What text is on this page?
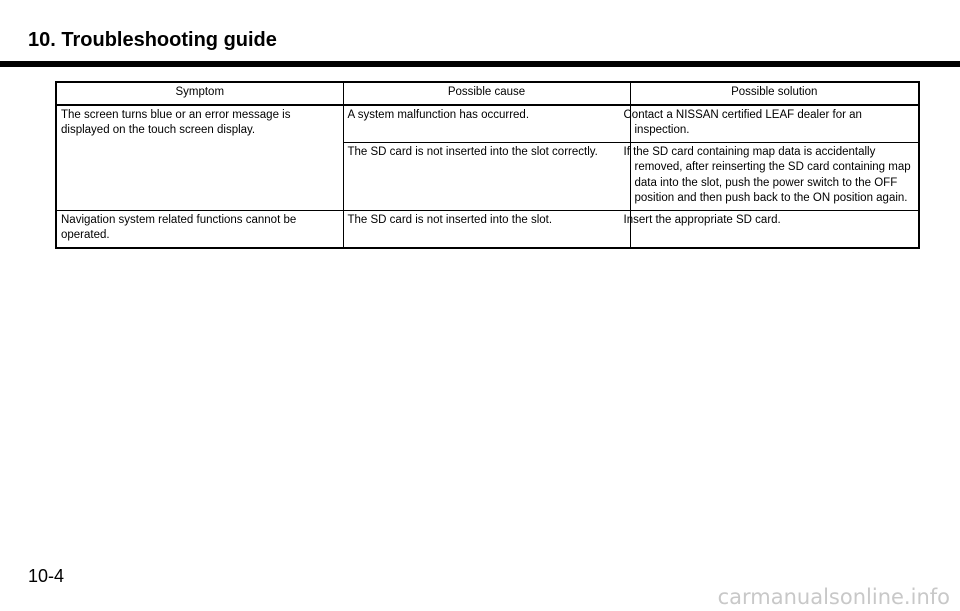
10. Troubleshooting guide
Symptom	Possible cause	Possible solution
The screen turns blue or an error message is displayed on the touch screen display.	A system malfunction has occurred.	Contact a NISSAN certified LEAF dealer for an inspection.
	The SD card is not inserted into the slot correctly.	If the SD card containing map data is accidentally removed, after reinserting the SD card containing map data into the slot, push the power switch to the OFF position and then push back to the ON position again.
Navigation system related functions cannot be operated.	The SD card is not inserted into the slot.	Insert the appropriate SD card.
10-4
carmanualsonline.info
